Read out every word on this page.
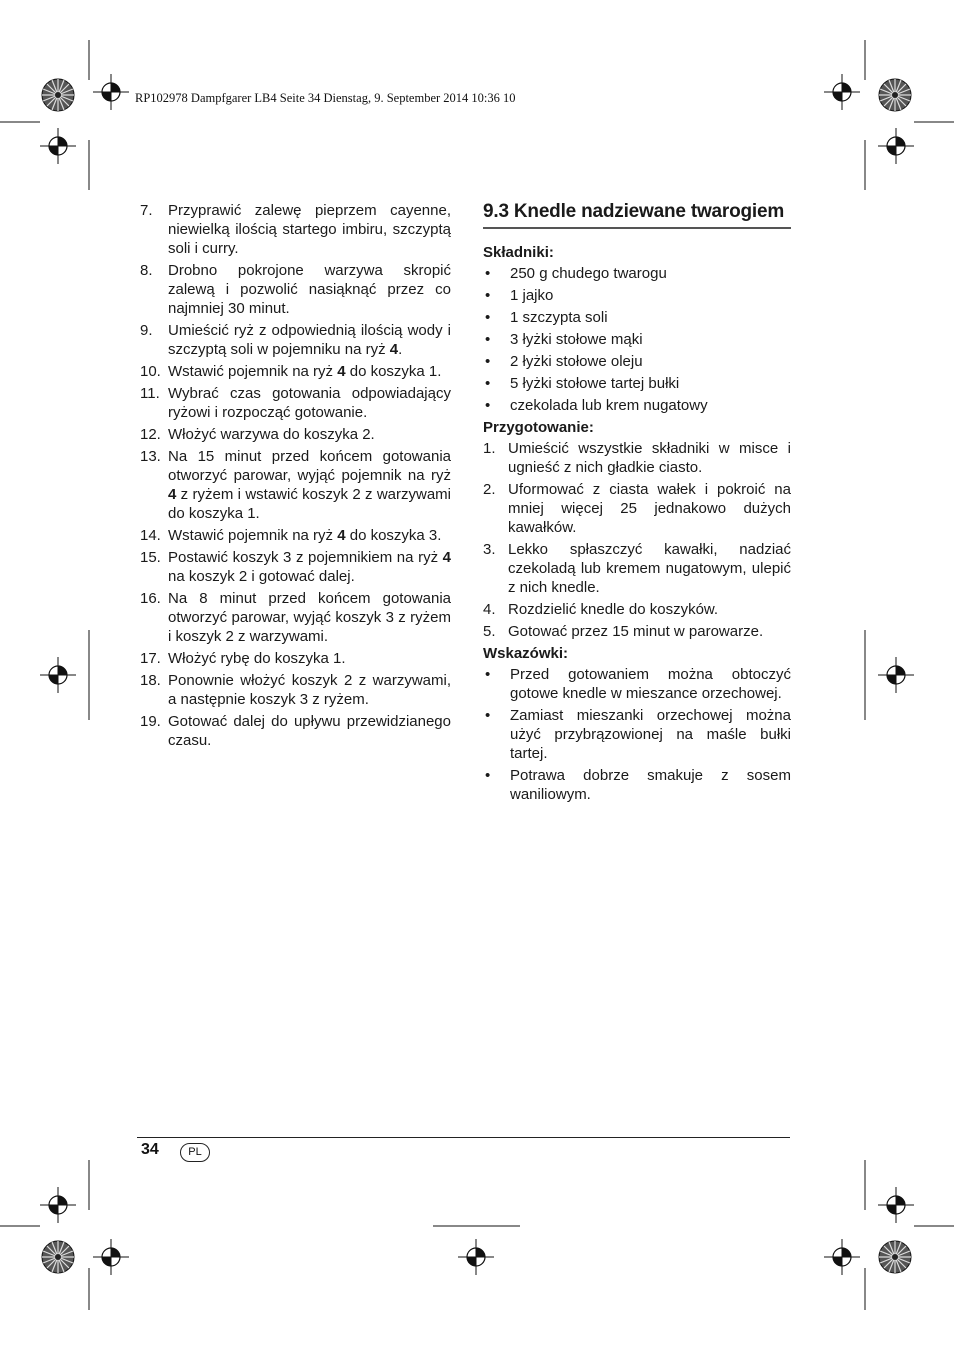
RP102978 Dampfgarer LB4 Seite 34 Dienstag, 9. September 2014 10:36 10
7.	Przyprawić zalewę pieprzem cayenne, niewielką ilością startego imbiru, szczyptą soli i curry.
8.	Drobno pokrojone warzywa skropić zalewą i pozwolić nasiąknąć przez co najmniej 30 minut.
9.	Umieścić ryż z odpowiednią ilością wody i szczyptą soli w pojemniku na ryż 4.
10. Wstawić pojemnik na ryż 4 do koszyka 1.
11. Wybrać czas gotowania odpowiadający ryżowi i rozpocząć gotowanie.
12. Włożyć warzywa do koszyka 2.
13. Na 15 minut przed końcem gotowania otworzyć parowar, wyjąć pojemnik na ryż 4 z ryżem i wstawić koszyk 2 z warzywami do koszyka 1.
14. Wstawić pojemnik na ryż 4 do koszyka 3.
15. Postawić koszyk 3 z pojemnikiem na ryż 4 na koszyk 2 i gotować dalej.
16. Na 8 minut przed końcem gotowania otworzyć parowar, wyjąć koszyk 3 z ryżem i koszyk 2 z warzywami.
17. Włożyć rybę do koszyka 1.
18. Ponownie włożyć koszyk 2 z warzywami, a następnie koszyk 3 z ryżem.
19. Gotować dalej do upływu przewidzianego czasu.
9.3 Knedle nadziewane twarogiem
Składniki:
•	250 g chudego twarogu
•	1 jajko
•	1 szczypta soli
•	3 łyżki stołowe mąki
•	2 łyżki stołowe oleju
•	5 łyżki stołowe tartej bułki
•	czekolada lub krem nugatowy
Przygotowanie:
1. Umieścić wszystkie składniki w misce i ugnieść z nich gładkie ciasto.
2. Uformować z ciasta wałek i pokroić na mniej więcej 25 jednakowo dużych kawałków.
3. Lekko spłaszczyć kawałki, nadziać czekoladą lub kremem nugatowym, ulepić z nich knedle.
4. Rozdzielić knedle do koszyków.
5. Gotować przez 15 minut w parowarze.
Wskazówki:
•	Przed gotowaniem można obtoczyć gotowe knedle w mieszance orzechowej.
•	Zamiast mieszanki orzechowej można użyć przybrązowionej na maśle bułki tartej.
•	Potrawa dobrze smakuje z sosem waniliowym.
34	PL
